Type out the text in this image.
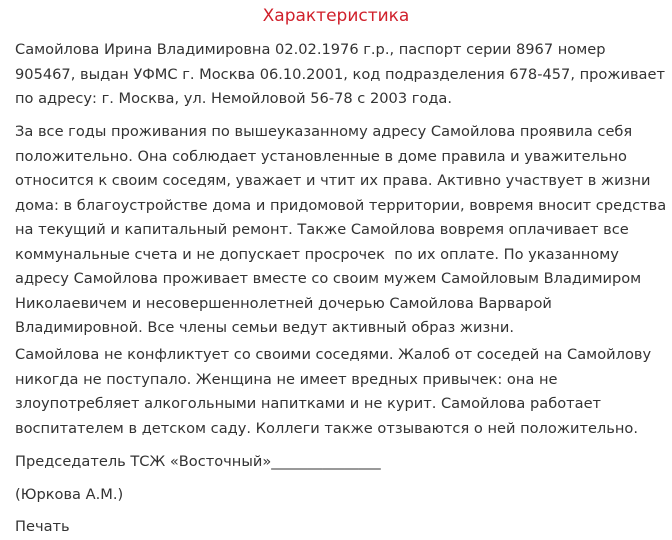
Характеристика

Самойлова Ирина Владимировна 02.02.1976 г.р., паспорт серии 8967 номер
905467, выдан УФМС г. Москва 06.10.2001, код подразделения 678-457, проживает
по адресу: г. Москва, ул. Немойловой 56-78 с 2003 года.

За все годы проживания по вышеуказанному адресу Самойлова проявила себя
положительно. Она соблюдает установленные в доме правила и уважительно
относится к своим соседям, уважает и чтит их права. Активно участвует в жизни
дома: в благоустройстве дома и придомовой территории, вовремя вносит средства
на текущий и капитальный ремонт. Также Самойлова вовремя оплачивает все
коммунальные счета и не допускает просрочек  по их оплате. По указанному
адресу Самойлова проживает вместе со своим мужем Самойловым Владимиром
Николаевичем и несовершеннолетней дочерью Самойлова Варварой
Владимировной. Все члены семьи ведут активный образ жизни.

Самойлова не конфликтует со своими соседями. Жалоб от соседей на Самойлову
никогда не поступало. Женщина не имеет вредных привычек: она не
злоупотребляет алкогольными напитками и не курит. Самойлова работает
воспитателем в детском саду. Коллеги также отзываются о ней положительно.

Председатель ТСЖ «Восточный»_______________

(Юркова А.М.)

Печать
